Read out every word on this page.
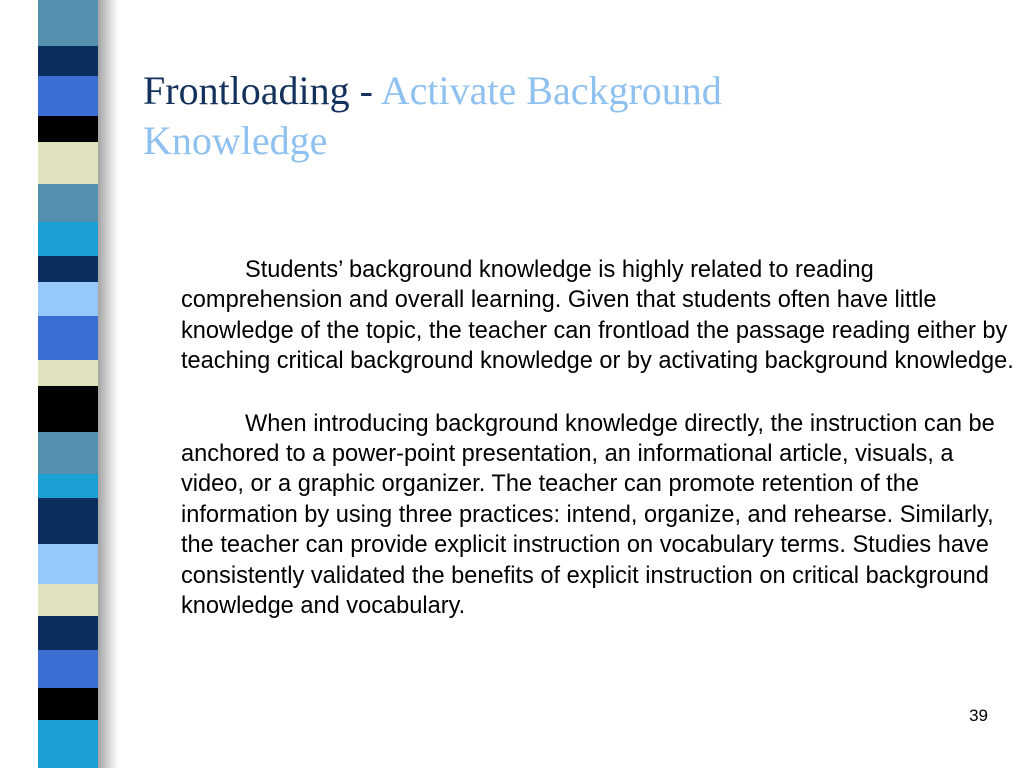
Frontloading - Activate Background Knowledge

Students’ background knowledge is highly related to reading comprehension and overall learning. Given that students often have little knowledge of the topic, the teacher can frontload the passage reading either by teaching critical background knowledge or by activating background knowledge.

When introducing background knowledge directly, the instruction can be anchored to a power-point presentation, an informational article, visuals, a video, or a graphic organizer. The teacher can promote retention of the information by using three practices: intend, organize, and rehearse. Similarly, the teacher can provide explicit instruction on vocabulary terms. Studies have consistently validated the benefits of explicit instruction on critical background knowledge and vocabulary.

39
